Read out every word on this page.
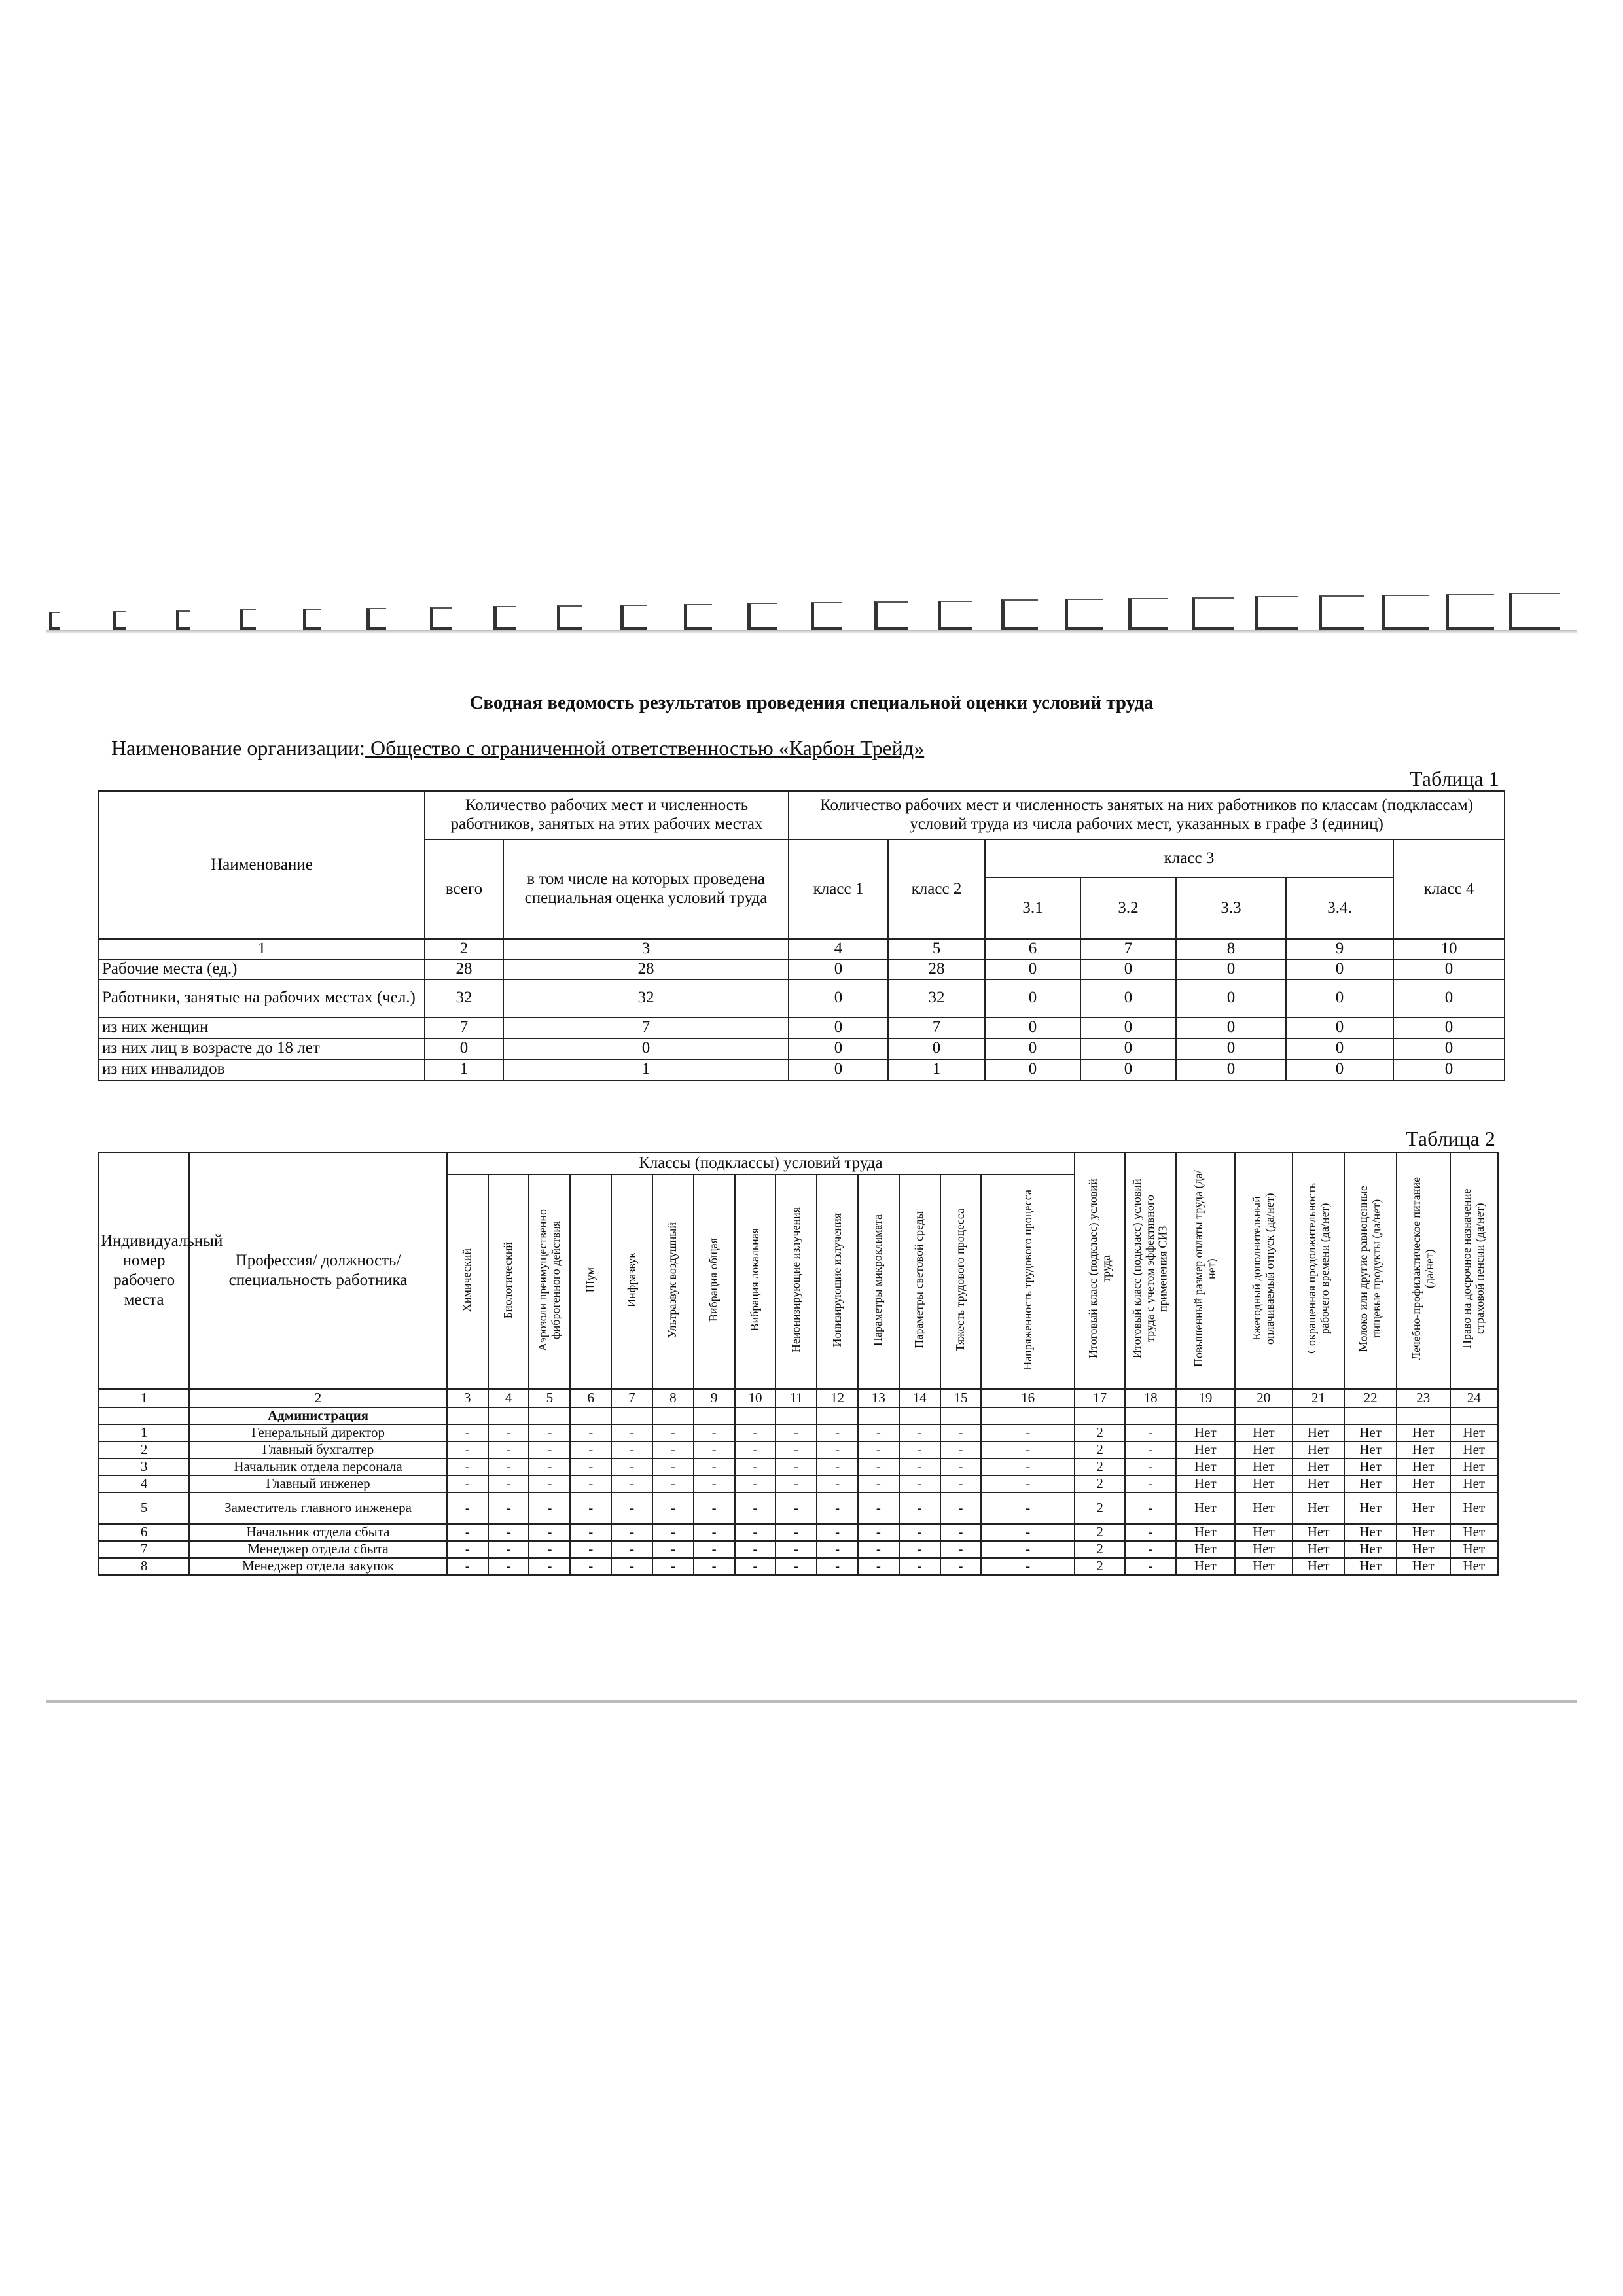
Сводная ведомость результатов проведения специальной оценки условий труда
Наименование организации: Общество с ограниченной ответственностью «Карбон Трейд»
Таблица 1
Наименование	Количество рабочих мест и численность работников, занятых на этих рабочих местах		Количество рабочих мест и численность занятых на них работников по классам (подклассам) условий труда из числа рабочих мест, указанных в графе 3 (единиц)						
	всего	в том числе на которых проведена специальная оценка условий труда	класс 1	класс 2	класс 3				класс 4
					3.1	3.2	3.3	3.4.	
1	2	3	4	5	6	7	8	9	10
Рабочие места (ед.)	28	28	0	28	0	0	0	0	0
Работники, занятые на рабочих местах (чел.)	32	32	0	32	0	0	0	0	0
из них женщин	7	7	0	7	0	0	0	0	0
из них лиц в возрасте до 18 лет	0	0	0	0	0	0	0	0	0
из них инвалидов	1	1	0	1	0	0	0	0	0
Таблица 2
Индивидуальный номер рабочего места	Профессия/ должность/ специальность работника	Классы (подклассы) условий труда														Итоговый класс (подкласс) условий труда	Итоговый класс (подкласс) условий труда с учетом эффективного применения СИЗ	Повышенный размер оплаты труда (да/нет)	Ежегодный дополнительный оплачиваемый отпуск (да/нет)	Сокращенная продолжительность рабочего времени (да/нет)	Молоко или другие равноценные пищевые продукты (да/нет)	Лечебно-профилактическое питание (да/нет)	Право на досрочное назначение страховой пенсии (да/нет)
		Химический	Биологический	Аэрозоли преимущественно фиброгенного действия	Шум	Инфразвук	Ультразвук воздушный	Вибрация общая	Вибрация локальная	Неионизирующие излучения	Ионизирующие излучения	Параметры микроклимата	Параметры световой среды	Тяжесть трудового процесса	Напряженность трудового процесса								
1	2	3	4	5	6	7	8	9	10	11	12	13	14	15	16	17	18	19	20	21	22	23	24
	Администрация																						
1	Генеральный директор	-	-	-	-	-	-	-	-	-	-	-	-	-	-	2	-	Нет	Нет	Нет	Нет	Нет	Нет
2	Главный бухгалтер	-	-	-	-	-	-	-	-	-	-	-	-	-	-	2	-	Нет	Нет	Нет	Нет	Нет	Нет
3	Начальник отдела персонала	-	-	-	-	-	-	-	-	-	-	-	-	-	-	2	-	Нет	Нет	Нет	Нет	Нет	Нет
4	Главный инженер	-	-	-	-	-	-	-	-	-	-	-	-	-	-	2	-	Нет	Нет	Нет	Нет	Нет	Нет
5	Заместитель главного инженера	-	-	-	-	-	-	-	-	-	-	-	-	-	-	2	-	Нет	Нет	Нет	Нет	Нет	Нет
6	Начальник отдела сбыта	-	-	-	-	-	-	-	-	-	-	-	-	-	-	2	-	Нет	Нет	Нет	Нет	Нет	Нет
7	Менеджер отдела сбыта	-	-	-	-	-	-	-	-	-	-	-	-	-	-	2	-	Нет	Нет	Нет	Нет	Нет	Нет
8	Менеджер отдела закупок	-	-	-	-	-	-	-	-	-	-	-	-	-	-	2	-	Нет	Нет	Нет	Нет	Нет	Нет
